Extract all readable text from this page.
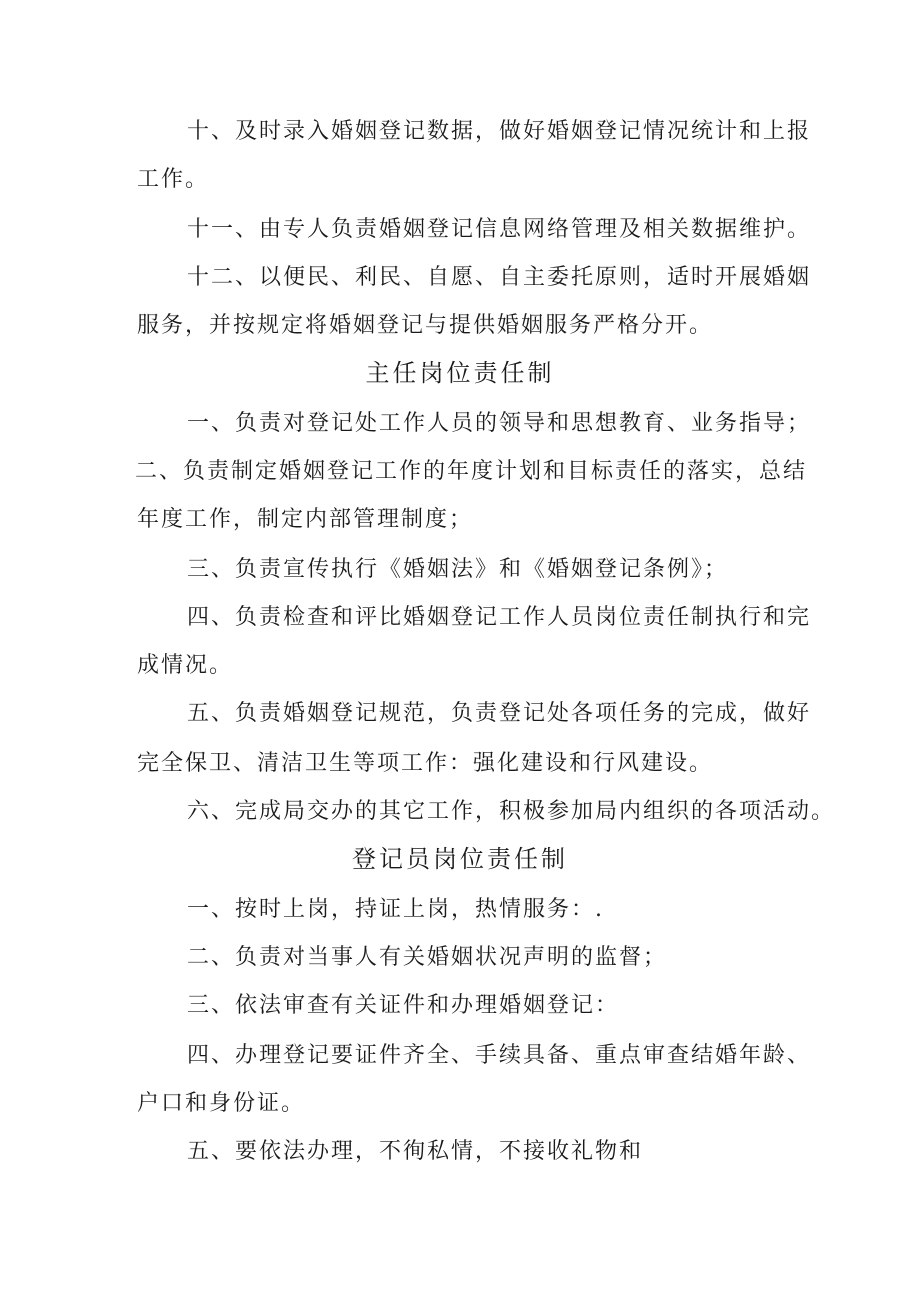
十、及时录入婚姻登记数据，做好婚姻登记情况统计和上报
工作。
十一、由专人负责婚姻登记信息网络管理及相关数据维护。
十二、以便民、利民、自愿、自主委托原则，适时开展婚姻
服务，并按规定将婚姻登记与提供婚姻服务严格分开。
主任岗位责任制
一、负责对登记处工作人员的领导和思想教育、业务指导；
二、负责制定婚姻登记工作的年度计划和目标责任的落实，总结
年度工作，制定内部管理制度；
三、负责宣传执行《婚姻法》和《婚姻登记条例》；
四、负责检查和评比婚姻登记工作人员岗位责任制执行和完
成情况。
五、负责婚姻登记规范，负责登记处各项任务的完成，做好
完全保卫、清洁卫生等项工作：强化建设和行风建设。
六、完成局交办的其它工作，积极参加局内组织的各项活动。
登记员岗位责任制
一、按时上岗，持证上岗，热情服务：.
二、负责对当事人有关婚姻状况声明的监督；
三、依法审查有关证件和办理婚姻登记：
四、办理登记要证件齐全、手续具备、重点审查结婚年龄、
户口和身份证。
五、要依法办理，不徇私情，不接收礼物和
